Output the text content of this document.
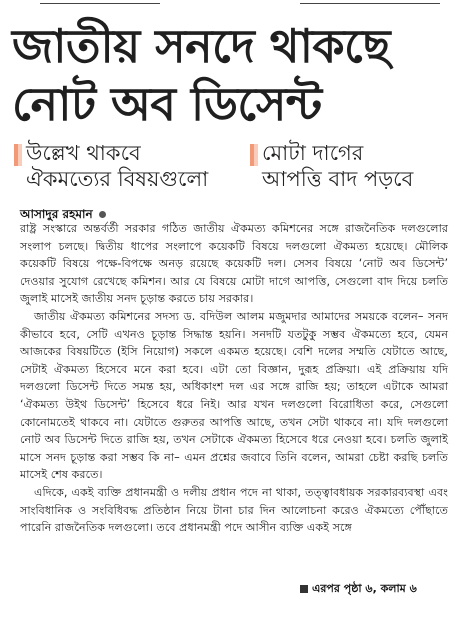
জাতীয় সনদে থাকছে
নোট অব ডিসেন্ট
উল্লেখ থাকবে
ঐকমত্যের বিষয়গুলো
মোটা দাগের
আপত্তি বাদ পড়বে
আসাদুর রহমান

রাষ্ট্র সংস্কারে অন্তর্বর্তী সরকার গঠিত জাতীয় ঐকমত্য কমিশনের সঙ্গে রাজনৈতিক দলগুলোর সংলাপ চলছে। দ্বিতীয় ধাপের সংলাপে কয়েকটি বিষয়ে দলগুলো ঐকমত্য হয়েছে। মৌলিক কয়েকটি বিষয়ে পক্ষে-বিপক্ষে অনড় রয়েছে কয়েকটি দল। সেসব বিষয়ে ‘নোট অব ডিসেন্ট’ দেওয়ার সুযোগ রেখেছে কমিশন। আর যে বিষয়ে মোটা দাগে আপত্তি, সেগুলো বাদ দিয়ে চলতি জুলাই মাসেই জাতীয় সনদ চূড়ান্ত করতে চায় সরকার।

জাতীয় ঐকমত্য কমিশনের সদস্য ড. বদিউল আলম মজুমদার আমাদের সময়কে বলেন– সনদ কীভাবে হবে, সেটি এখনও চূড়ান্ত সিদ্ধান্ত হয়নি। সনদটি যতটুকু সম্ভব ঐকমত্যে হবে, যেমন আজকের বিষয়টিতে (ইসি নিয়োগ) সকলে একমত হয়েছে। বেশি দলের সম্মতি যেটাতে আছে, সেটাই ঐকমত্য হিসেবে মনে করা হবে। এটা তো বিজ্ঞান, দুরূহ প্রক্রিয়া। এই প্রক্রিয়ায় যদি দলগুলো ডিসেন্ট দিতে সমন্ত হয়, অধিকাংশ দল এর সঙ্গে রাজি হয়; তাহলে এটাকে আমরা ‘ঐকমত্য উইথ ডিসেন্ট’ হিসেবে ধরে নিই। আর যখন দলগুলো বিরোধিতা করে, সেগুলো কোনোমতেই থাকবে না। যেটাতে গুরুতর আপত্তি আছে, তখন সেটা থাকবে না। যদি দলগুলো নোট অব ডিসেন্ট দিতে রাজি হয়, তখন সেটাকে ঐকমত্য হিসেবে ধরে নেওয়া হবে। চলতি জুলাই মাসে সনদ চূড়ান্ত করা সম্ভব কি না– এমন প্রশ্নের জবাবে তিনি বলেন, আমরা চেষ্টা করছি চলতি মাসেই শেষ করতে।

এদিকে, একই ব্যক্তি প্রধানমন্ত্রী ও দলীয় প্রধান পদে না থাকা, তত্ত্বাবধায়ক সরকারব্যবস্থা এবং সাংবিধানিক ও সংবিধিবদ্ধ প্রতিষ্ঠান নিয়ে টানা চার দিন আলোচনা করেও ঐকমত্যে পৌঁছাতে পারেনি রাজনৈতিক দলগুলো। তবে প্রধানমন্ত্রী পদে আসীন ব্যক্তি একই সঙ্গে

এরপর পৃষ্ঠা ৬, কলাম ৬
